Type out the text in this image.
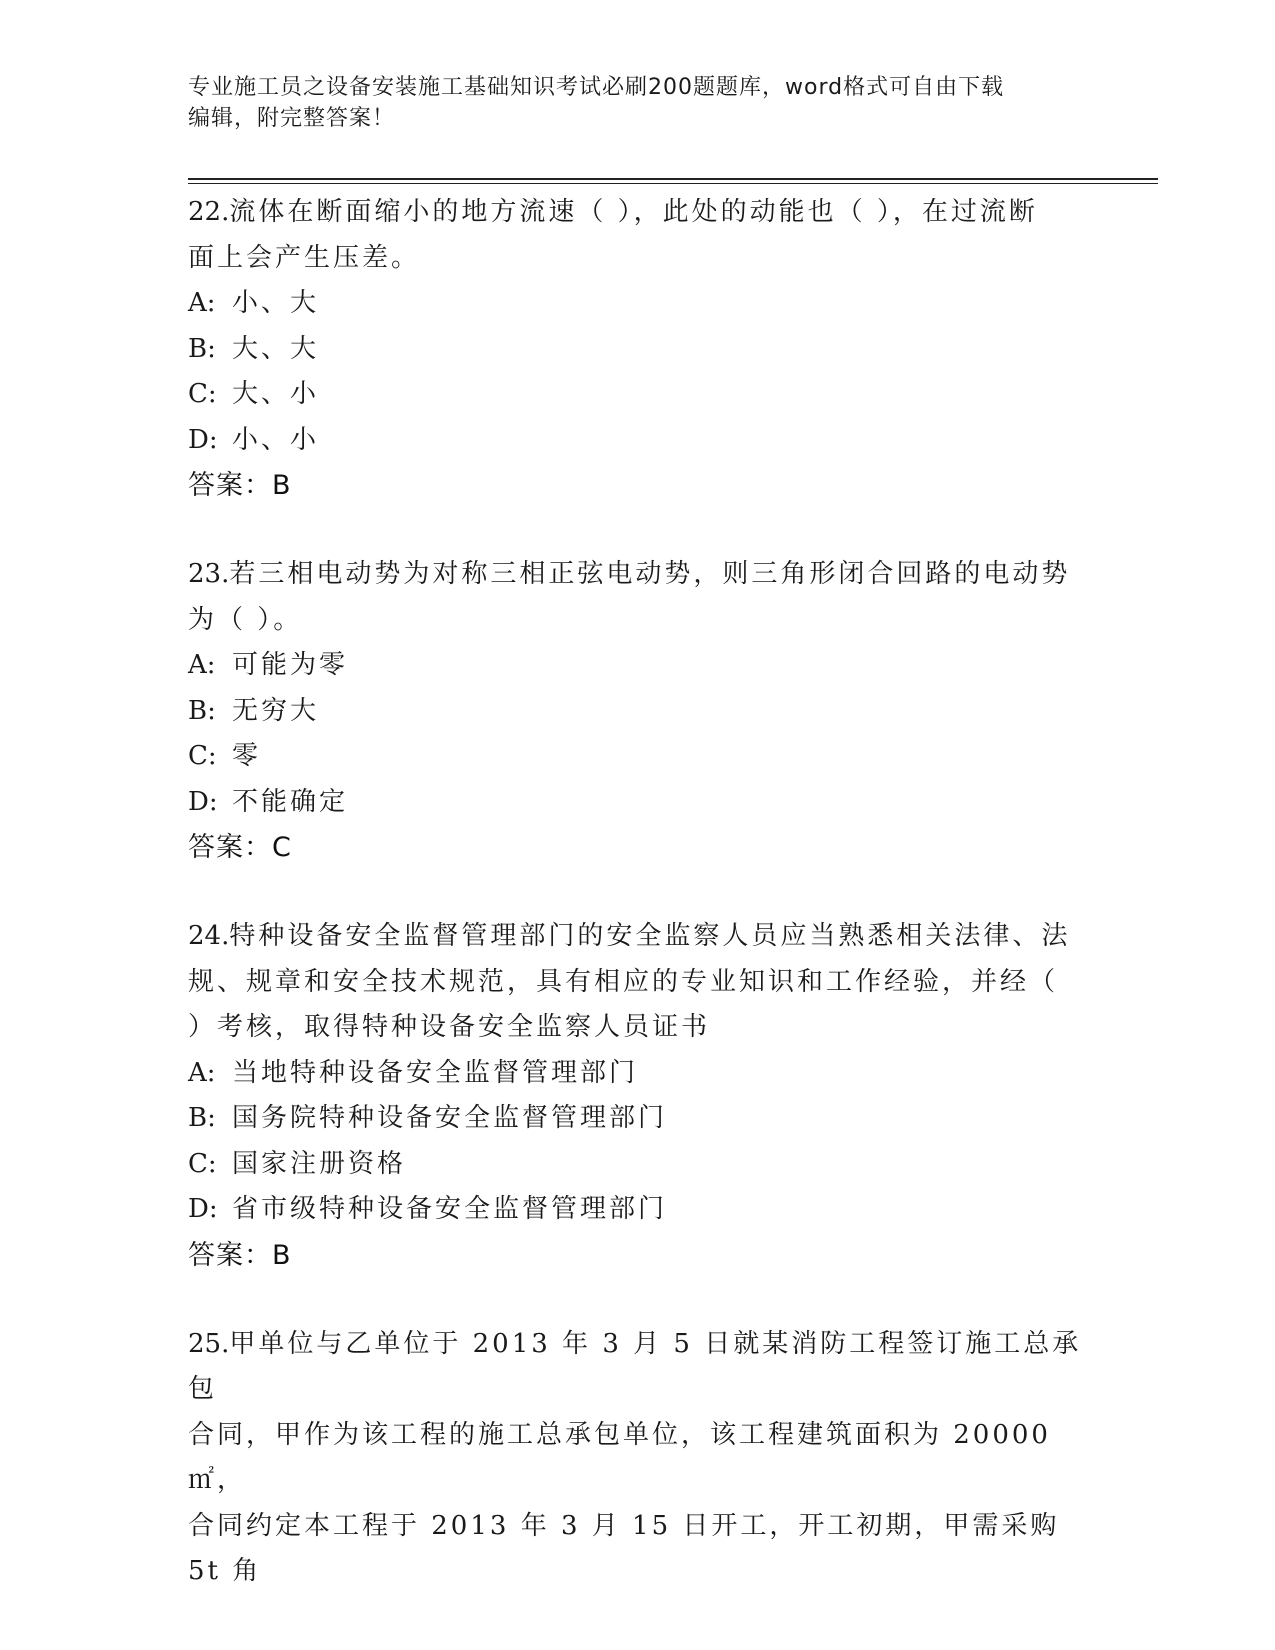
专业施工员之设备安装施工基础知识考试必刷200题题库，word格式可自由下载
编辑，附完整答案！
22.流体在断面缩小的地方流速（ ），此处的动能也（ ），在过流断
面上会产生压差。
A: 小、大
B: 大、大
C: 大、小
D: 小、小
答案：B
23.若三相电动势为对称三相正弦电动势，则三角形闭合回路的电动势
为（ ）。
A: 可能为零
B: 无穷大
C: 零
D: 不能确定
答案：C
24.特种设备安全监督管理部门的安全监察人员应当熟悉相关法律、法
规、规章和安全技术规范，具有相应的专业知识和工作经验，并经（
）考核，取得特种设备安全监察人员证书
A: 当地特种设备安全监督管理部门
B: 国务院特种设备安全监督管理部门
C: 国家注册资格
D: 省市级特种设备安全监督管理部门
答案：B
25.甲单位与乙单位于 2013 年 3 月 5 日就某消防工程签订施工总承包
合同，甲作为该工程的施工总承包单位，该工程建筑面积为 20000㎡，
合同约定本工程于 2013 年 3 月 15 日开工，开工初期，甲需采购 5t 角
